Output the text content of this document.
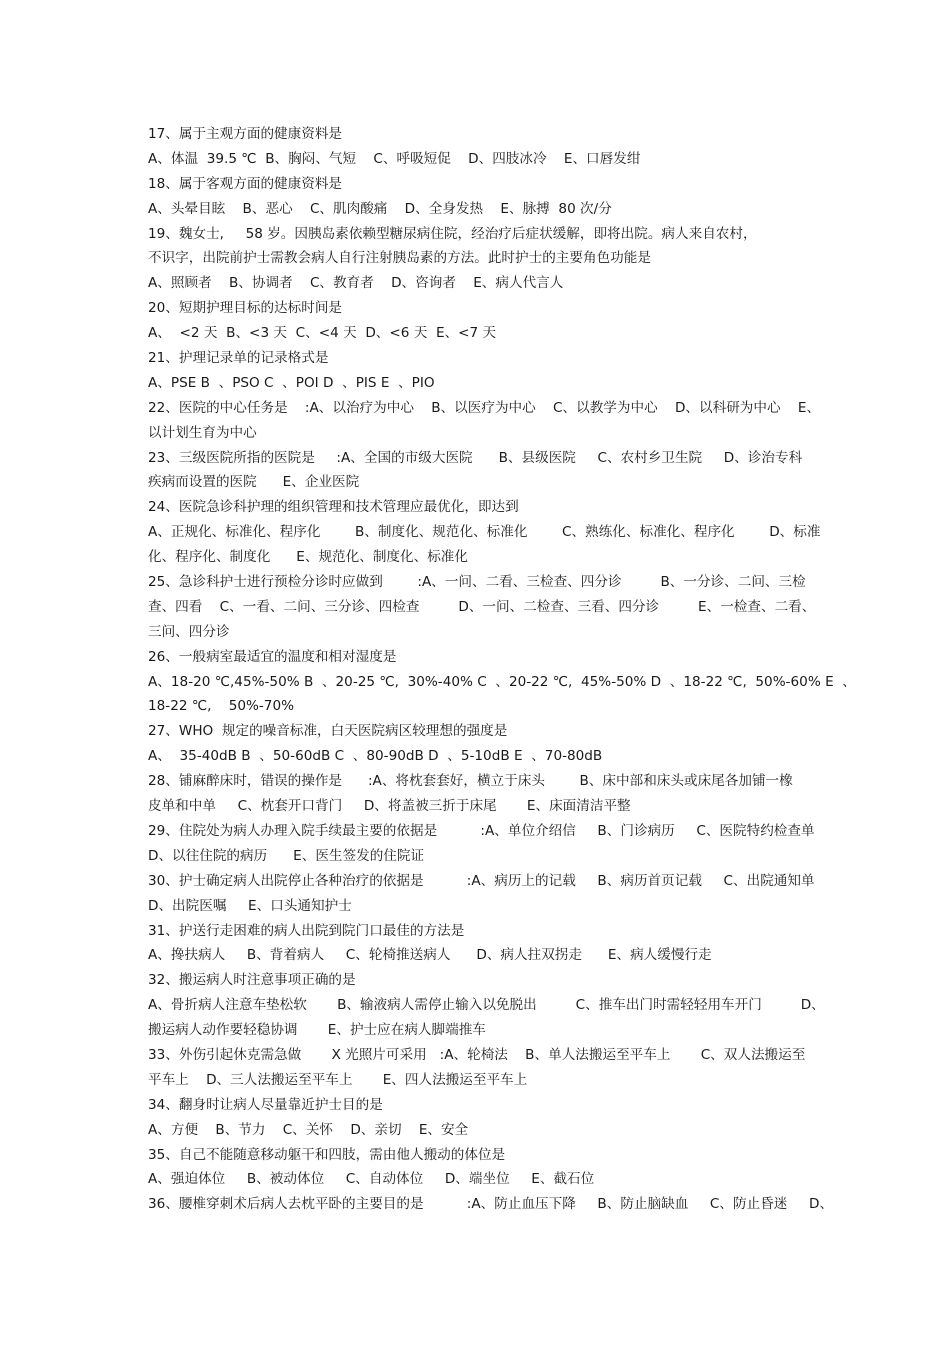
17、属于主观方面的健康资料是
A、体温  39.5 ℃  B、胸闷、气短    C、呼吸短促    D、四肢冰冷    E、口唇发绀
18、属于客观方面的健康资料是
A、头晕目眩    B、恶心    C、肌肉酸痛    D、全身发热    E、脉搏  80 次/分
19、魏女士,     58 岁。因胰岛素依赖型糖尿病住院，经治疗后症状缓解，即将出院。病人来自农村，
不识字，出院前护士需教会病人自行注射胰岛素的方法。此时护士的主要角色功能是
A、照顾者    B、协调者    C、教育者    D、咨询者    E、病人代言人
20、短期护理目标的达标时间是
A、  <2 天  B、<3 天  C、<4 天  D、<6 天  E、<7 天
21、护理记录单的记录格式是
A、PSE B  、PSO C  、POI D  、PIS E  、PIO
22、医院的中心任务是    :A、以治疗为中心    B、以医疗为中心    C、以教学为中心    D、以科研为中心    E、
以计划生育为中心
23、三级医院所指的医院是     :A、全国的市级大医院      B、县级医院     C、农村乡卫生院     D、诊治专科
疾病而设置的医院      E、企业医院
24、医院急诊科护理的组织管理和技术管理应最优化，即达到
A、正规化、标准化、程序化        B、制度化、规范化、标准化        C、熟练化、标准化、程序化        D、标准
化、程序化、制度化      E、规范化、制度化、标准化
25、急诊科护士进行预检分诊时应做到        :A、一问、二看、三检查、四分诊         B、一分诊、二问、三检
查、四看    C、一看、二问、三分诊、四检查         D、一问、二检查、三看、四分诊         E、一检查、二看、
三问、四分诊
26、一般病室最适宜的温度和相对湿度是
A、18-20 ℃,45%-50% B  、20-25 ℃,  30%-40% C  、20-22 ℃,  45%-50% D  、18-22 ℃,  50%-60% E  、
18-22 ℃,    50%-70%
27、WHO  规定的噪音标准，白天医院病区较理想的强度是
A、  35-40dB B  、50-60dB C  、80-90dB D  、5-10dB E  、70-80dB
28、铺麻醉床时，错误的操作是      :A、将枕套套好，横立于床头        B、床中部和床头或床尾各加铺一橡
皮单和中单     C、枕套开口背门     D、将盖被三折于床尾       E、床面清洁平整
29、住院处为病人办理入院手续最主要的依据是          :A、单位介绍信     B、门诊病历     C、医院特约检查单
D、以往住院的病历      E、医生签发的住院证
30、护士确定病人出院停止各种治疗的依据是          :A、病历上的记载     B、病历首页记载     C、出院通知单
D、出院医嘱     E、口头通知护士
31、护送行走困难的病人出院到院门口最佳的方法是
A、搀扶病人     B、背着病人     C、轮椅推送病人      D、病人拄双拐走      E、病人缓慢行走
32、搬运病人时注意事项正确的是
A、骨折病人注意车垫松软       B、输液病人需停止输入以免脱出         C、推车出门时需轻轻用车开门         D、
搬运病人动作要轻稳协调       E、护士应在病人脚端推车
33、外伤引起休克需急做       X 光照片可采用   :A、轮椅法    B、单人法搬运至平车上       C、双人法搬运至
平车上    D、三人法搬运至平车上       E、四人法搬运至平车上
34、翻身时让病人尽量靠近护士目的是
A、方便    B、节力    C、关怀    D、亲切    E、安全
35、自己不能随意移动躯干和四肢，需由他人搬动的体位是
A、强迫体位     B、被动体位     C、自动体位     D、端坐位     E、截石位
36、腰椎穿刺术后病人去枕平卧的主要目的是          :A、防止血压下降     B、防止脑缺血     C、防止昏迷     D、
